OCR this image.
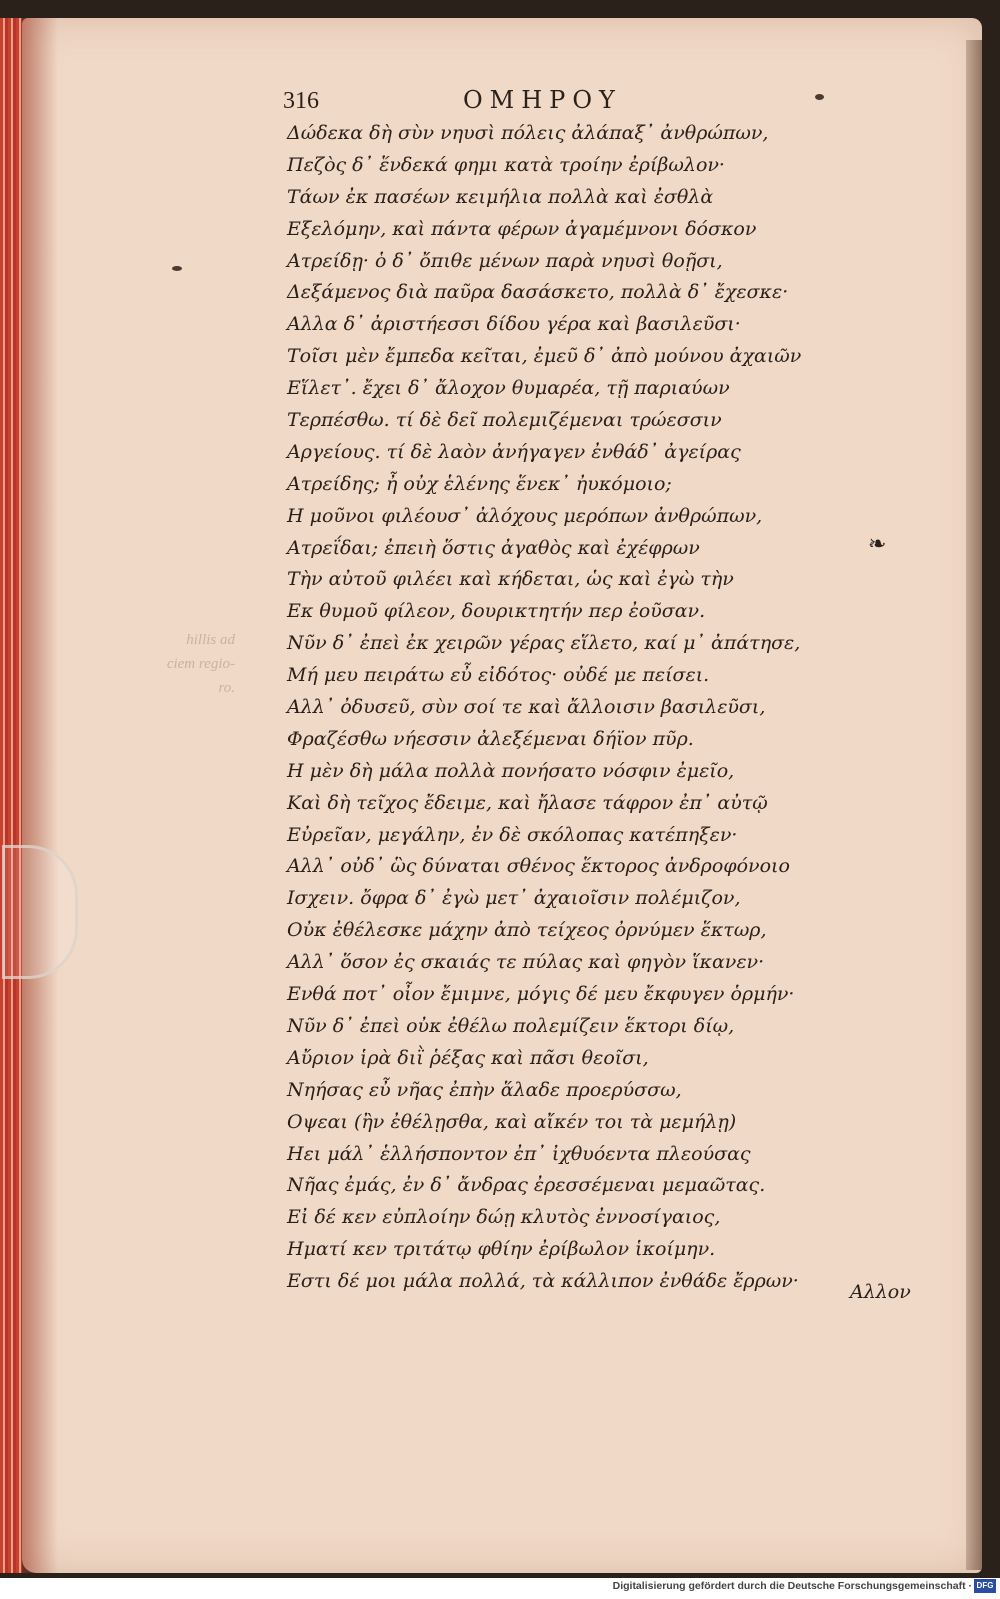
hillis ad
ciem regio-
ro.
316	ΟΜΗΡΟΥ
Δώδεκα δὴ σὺν νηυσὶ πόλεις ἀλάπαξ᾽ ἀνθρώπων,
Πεζὸς δ᾽ ἕνδεκά φημι κατὰ τροίην ἐρίβωλον·
Τάων ἐκ πασέων κειμήλια πολλὰ καὶ ἐσθλὰ
Εξελόμην, καὶ πάντα φέρων ἀγαμέμνονι δόσκον
Ατρείδῃ· ὁ δ᾽ ὄπιθε μένων παρὰ νηυσὶ θοῇσι,
Δεξάμενος διὰ παῦρα δασάσκετο, πολλὰ δ᾽ ἔχεσκε·
Αλλα δ᾽ ἀριστήεσσι δίδου γέρα καὶ βασιλεῦσι·
Τοῖσι μὲν ἔμπεδα κεῖται, ἐμεῦ δ᾽ ἀπὸ μούνου ἀχαιῶν
Εἵλετ᾽. ἔχει δ᾽ ἄλοχον θυμαρέα, τῇ παριαύων
Τερπέσθω. τί δὲ δεῖ πολεμιζέμεναι τρώεσσιν
Αργείους. τί δὲ λαὸν ἀνήγαγεν ἐνθάδ᾽ ἀγείρας
Ατρείδης; ἦ οὐχ ἑλένης ἕνεκ᾽ ἠυκόμοιο;
Η μοῦνοι φιλέουσ᾽ ἀλόχους μερόπων ἀνθρώπων,
Ατρεΐδαι; ἐπειὴ ὅστις ἀγαθὸς καὶ ἐχέφρων
Τὴν αὐτοῦ φιλέει καὶ κήδεται, ὡς καὶ ἐγὼ τὴν
Εκ θυμοῦ φίλεον, δουρικτητήν περ ἐοῦσαν.
Νῦν δ᾽ ἐπεὶ ἐκ χειρῶν γέρας εἵλετο, καί μ᾽ ἀπάτησε,
Μή μευ πειράτω εὖ εἰδότος· οὐδέ με πείσει.
Αλλ᾽ ὀδυσεῦ, σὺν σοί τε καὶ ἄλλοισιν βασιλεῦσι,
Φραζέσθω νήεσσιν ἀλεξέμεναι δήϊον πῦρ.
Η μὲν δὴ μάλα πολλὰ πονήσατο νόσφιν ἐμεῖο,
Καὶ δὴ τεῖχος ἔδειμε, καὶ ἤλασε τάφρον ἐπ᾽ αὐτῷ
Εὐρεῖαν, μεγάλην, ἐν δὲ σκόλοπας κατέπηξεν·
Αλλ᾽ οὐδ᾽ ὣς δύναται σθένος ἕκτορος ἀνδροφόνοιο
Ισχειν. ὄφρα δ᾽ ἐγὼ μετ᾽ ἀχαιοῖσιν πολέμιζον,
Οὐκ ἐθέλεσκε μάχην ἀπὸ τείχεος ὀρνύμεν ἕκτωρ,
Αλλ᾽ ὅσον ἐς σκαιάς τε πύλας καὶ φηγὸν ἵκανεν·
Ενθά ποτ᾽ οἶον ἔμιμνε, μόγις δέ μευ ἔκφυγεν ὁρμήν·
Νῦν δ᾽ ἐπεὶ οὐκ ἐθέλω πολεμίζειν ἕκτορι δίῳ,
Αὔριον ἱρὰ διῒ ῥέξας καὶ πᾶσι θεοῖσι,
Νηήσας εὖ νῆας ἐπὴν ἅλαδε προερύσσω,
Οψεαι (ἢν ἐθέλῃσθα, καὶ αἴκέν τοι τὰ μεμήλῃ)
Ηει μάλ᾽ ἑλλήσποντον ἐπ᾽ ἰχθυόεντα πλεούσας
Νῆας ἐμάς, ἐν δ᾽ ἄνδρας ἐρεσσέμεναι μεμαῶτας.
Εἰ δέ κεν εὐπλοίην δώῃ κλυτὸς ἐννοσίγαιος,
Ηματί κεν τριτάτῳ φθίην ἐρίβωλον ἱκοίμην.
Εστι δέ μοι μάλα πολλά, τὰ κάλλιπον ἐνθάδε ἔρρων·
❧
Αλλον
Digitalisierung gefördert durch die Deutsche Forschungsgemeinschaft · DFG
